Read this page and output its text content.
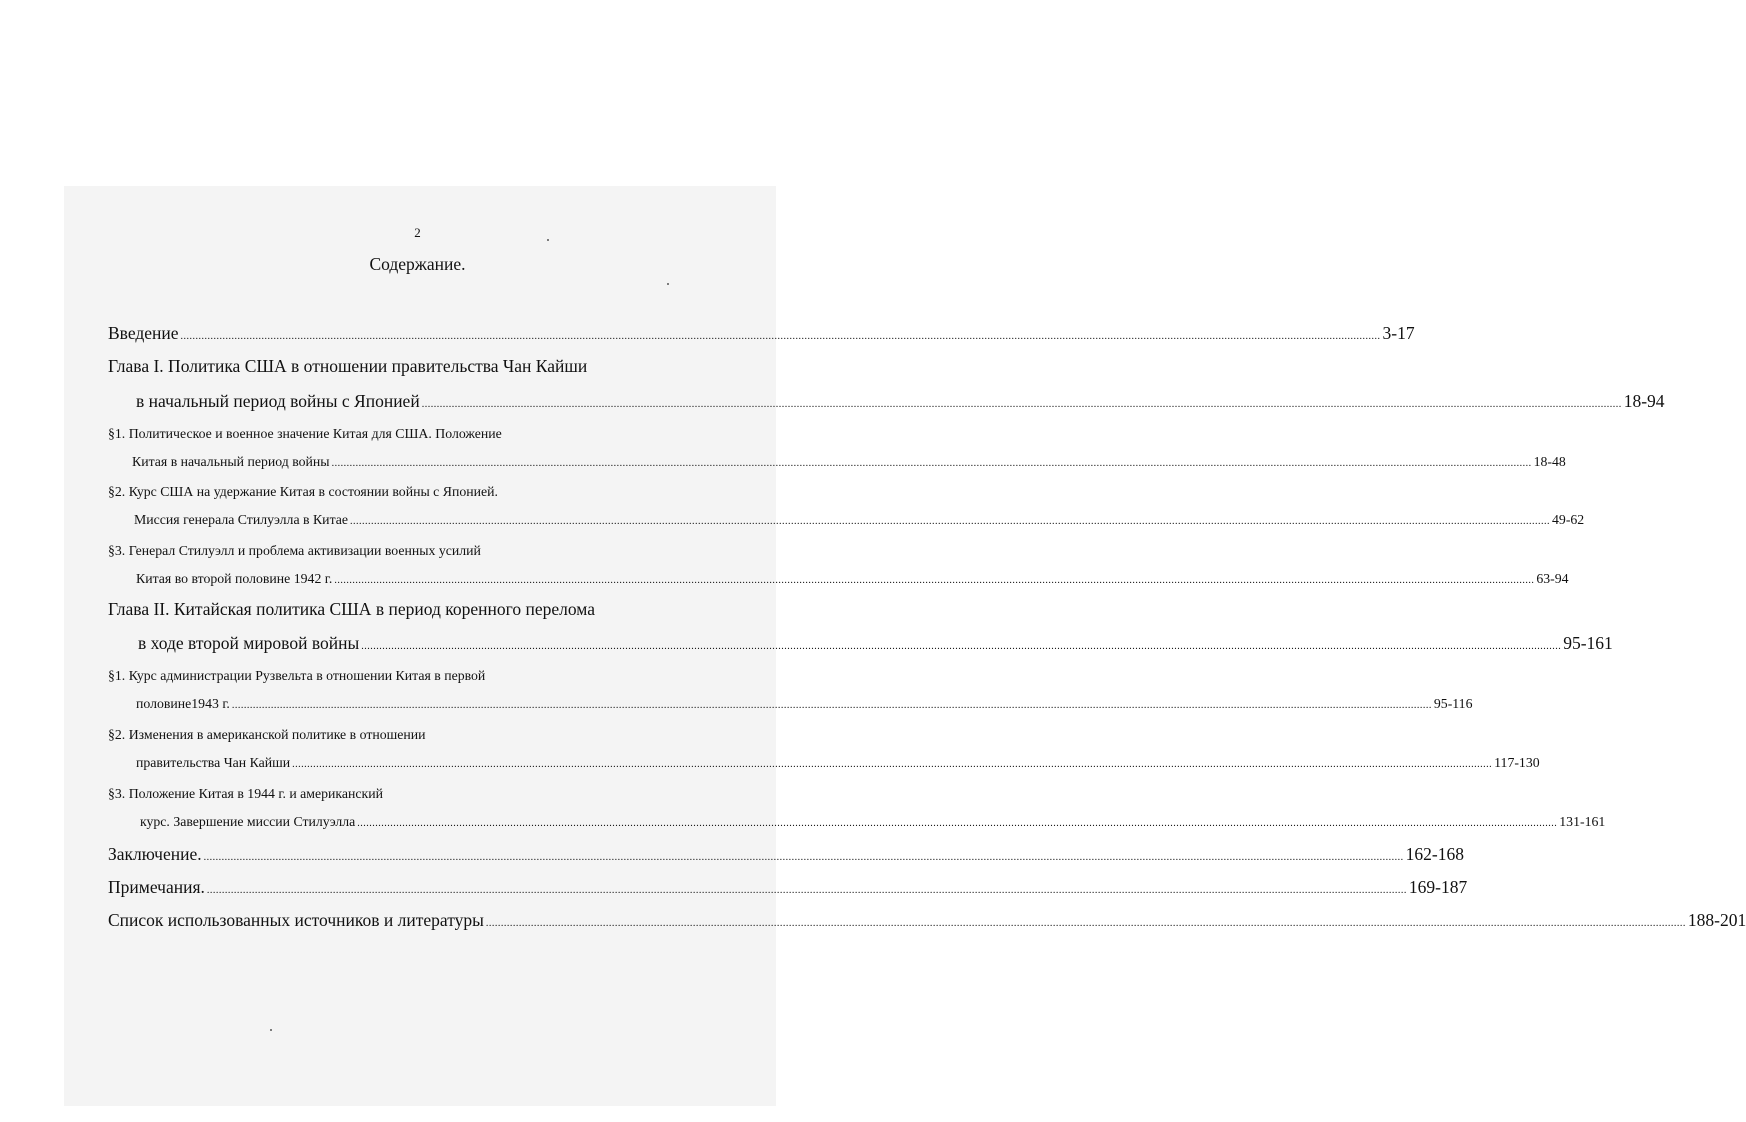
2
Содержание.
Введение ................................................................................................................................................................................................................................................................................................................................................................................................................ 3-17
Глава I. Политика США в отношении правительства Чан Кайши
в начальный период войны с Японией ................................................................................................................................................................................................................................................................................................................................................................................................................ 18-94
§1. Политическое и военное значение Китая для США. Положение
Китая в начальный период войны ................................................................................................................................................................................................................................................................................................................................................................................................................ 18-48
§2. Курс США на удержание Китая в состоянии войны с Японией.
Миссия генерала Стилуэлла в Китае ................................................................................................................................................................................................................................................................................................................................................................................................................ 49-62
§3. Генерал Стилуэлл и проблема активизации военных усилий
Китая во второй половине 1942 г. ................................................................................................................................................................................................................................................................................................................................................................................................................ 63-94
Глава II. Китайская политика США в период коренного перелома
в ходе второй мировой войны ................................................................................................................................................................................................................................................................................................................................................................................................................ 95-161
§1. Курс администрации Рузвельта в отношении Китая в первой
половине1943 г. ................................................................................................................................................................................................................................................................................................................................................................................................................ 95-116
§2. Изменения в американской политике в отношении
правительства Чан Кайши ................................................................................................................................................................................................................................................................................................................................................................................................................ 117-130
§3. Положение Китая в 1944 г. и американский
курс. Завершение миссии Стилуэлла ................................................................................................................................................................................................................................................................................................................................................................................................................ 131-161
Заключение. ................................................................................................................................................................................................................................................................................................................................................................................................................ 162-168
Примечания. ................................................................................................................................................................................................................................................................................................................................................................................................................ 169-187
Список использованных источников и литературы ................................................................................................................................................................................................................................................................................................................................................................................................................ 188-201
